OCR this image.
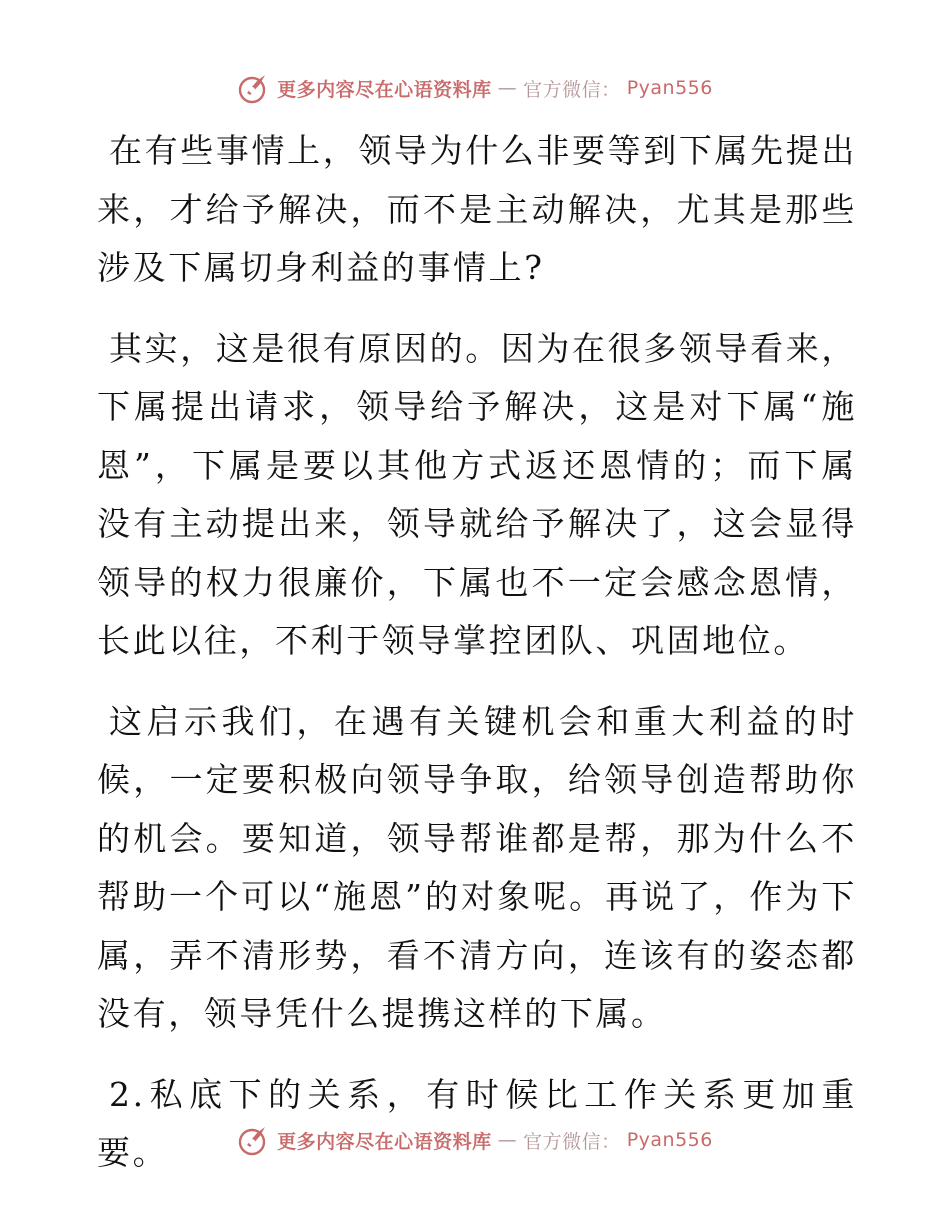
更多内容尽在心语资料库 — 官方微信： Pyan556

在有些事情上，领导为什么非要等到下属先提出来，才给予解决，而不是主动解决，尤其是那些涉及下属切身利益的事情上?

其实，这是很有原因的。因为在很多领导看来，下属提出请求，领导给予解决，这是对下属“施恩”，下属是要以其他方式返还恩情的；而下属没有主动提出来，领导就给予解决了，这会显得领导的权力很廉价，下属也不一定会感念恩情，长此以往，不利于领导掌控团队、巩固地位。

这启示我们，在遇有关键机会和重大利益的时候，一定要积极向领导争取，给领导创造帮助你的机会。要知道，领导帮谁都是帮，那为什么不帮助一个可以“施恩”的对象呢。再说了，作为下属，弄不清形势，看不清方向，连该有的姿态都没有，领导凭什么提携这样的下属。

2.私底下的关系，有时候比工作关系更加重要。	更多内容尽在心语资料库 — 官方微信： Pyan556
